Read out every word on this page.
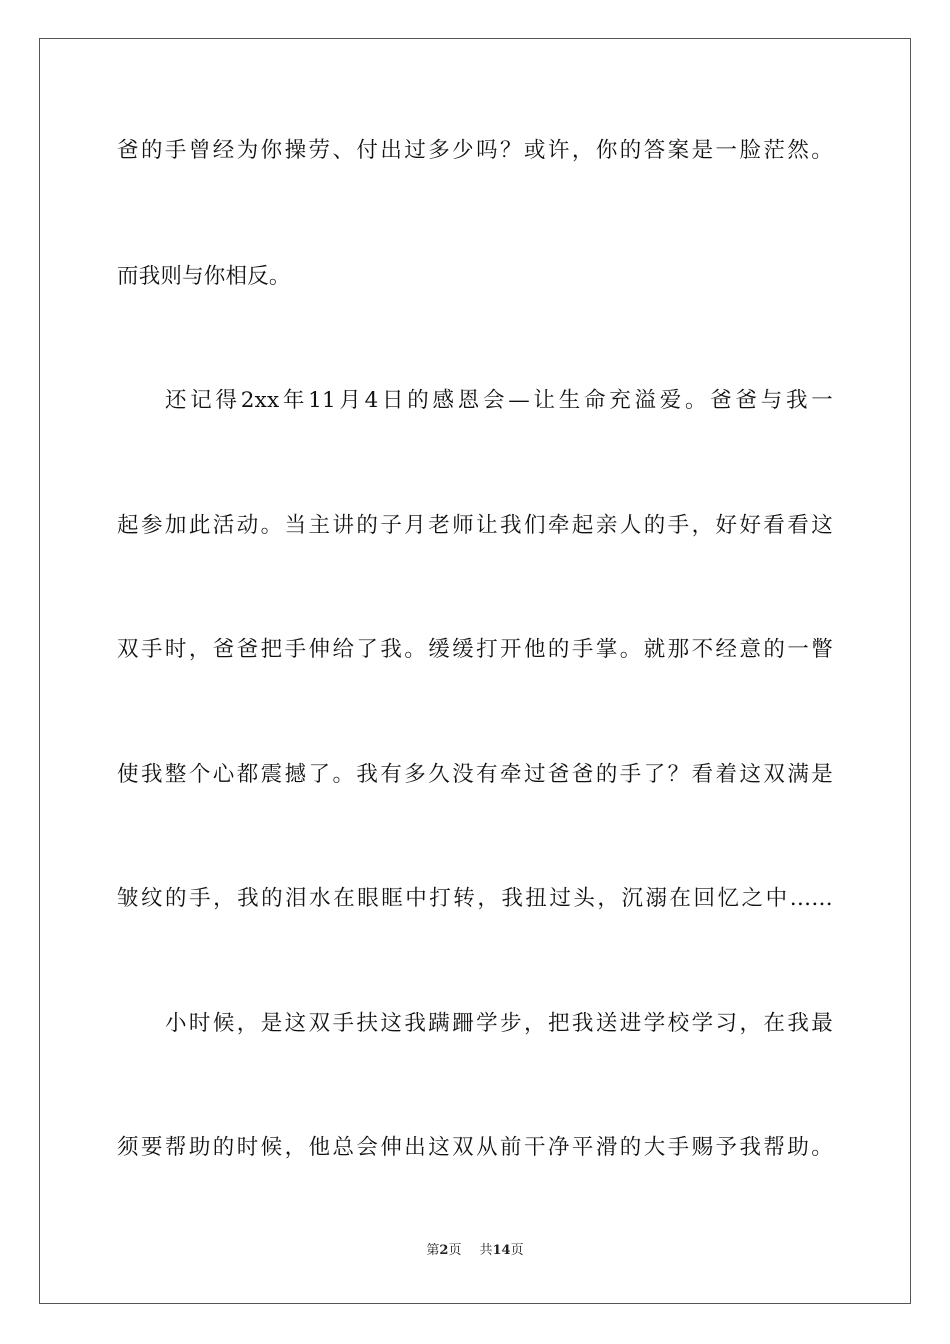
爸的手曾经为你操劳、付出过多少吗？或许，你的答案是一脸茫然。
而我则与你相反。
还记得2xx年11月4日的感恩会—让生命充溢爱。爸爸与我一
起参加此活动。当主讲的子月老师让我们牵起亲人的手，好好看看这
双手时，爸爸把手伸给了我。缓缓打开他的手掌。就那不经意的一瞥
使我整个心都震撼了。我有多久没有牵过爸爸的手了？看着这双满是
皱纹的手，我的泪水在眼眶中打转，我扭过头，沉溺在回忆之中……
小时候，是这双手扶这我蹒跚学步，把我送进学校学习，在我最
须要帮助的时候，他总会伸出这双从前干净平滑的大手赐予我帮助。
第2页 共14页
